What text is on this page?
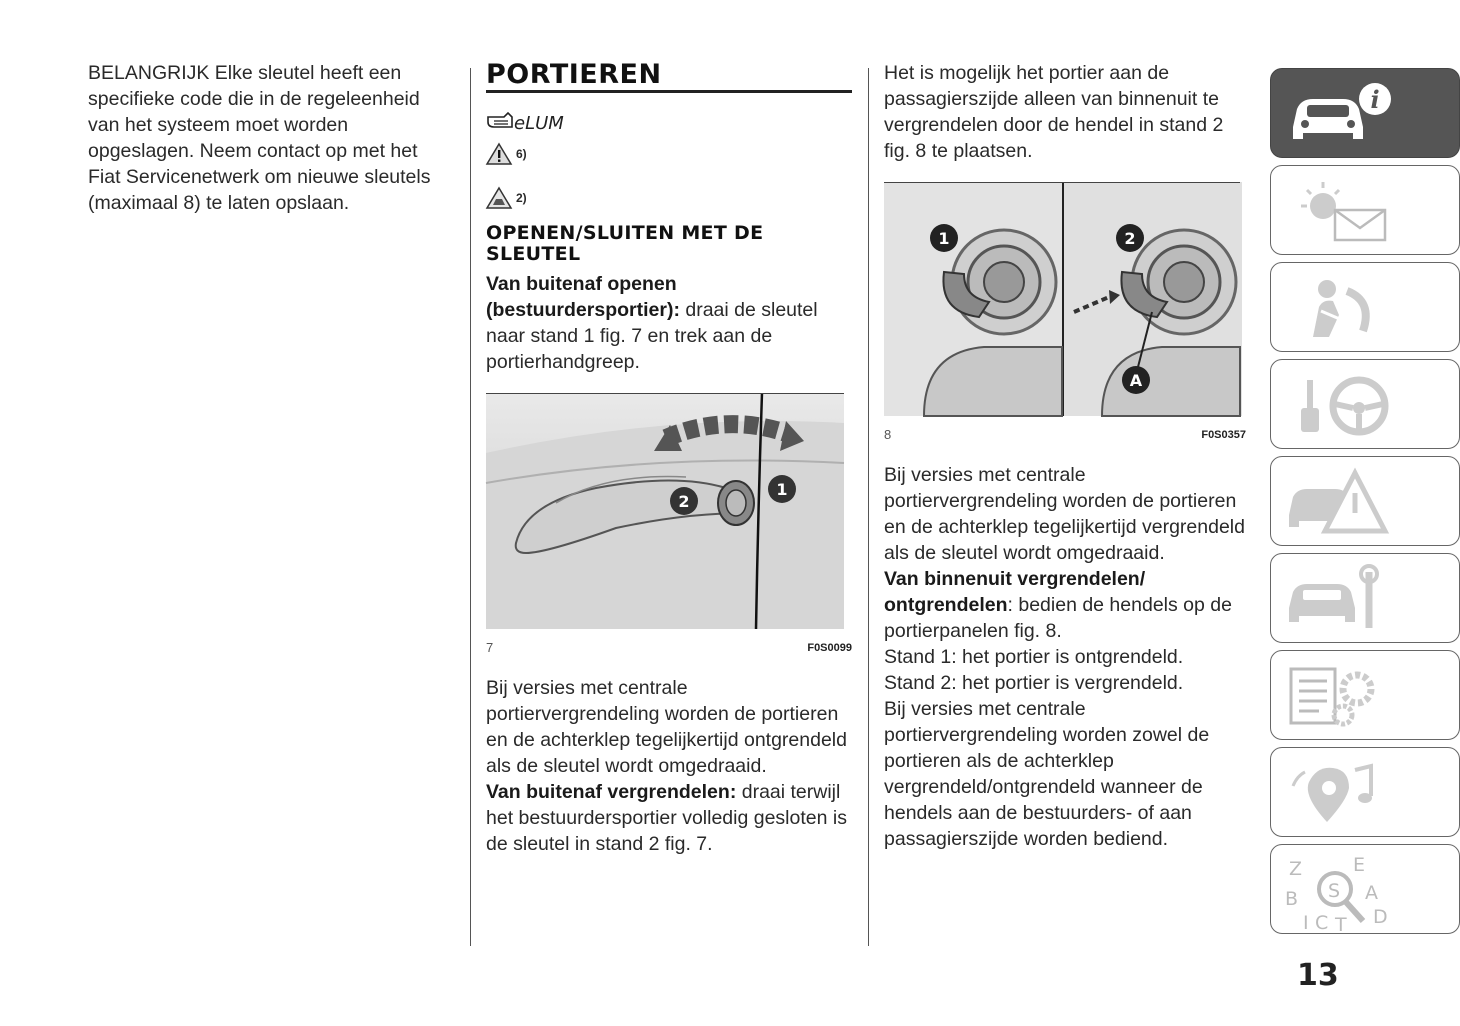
BELANGRIJK Elke sleutel heeft een specifieke code die in de regeleenheid van het systeem moet worden opgeslagen. Neem contact op met het Fiat Servicenetwerk om nieuwe sleutels (maximaal 8) te laten opslaan.

PORTIEREN
eLUM
6)
2)
OPENEN/SLUITEN MET DE SLEUTEL

Van buitenaf openen (bestuurdersportier): draai de sleutel naar stand 1 fig. 7 en trek aan de portierhandgreep.

2
1
7	F0S0099

Bij versies met centrale portiervergrendeling worden de portieren en de achterklep tegelijkertijd ontgrendeld als de sleutel wordt omgedraaid.

Van buitenaf vergrendelen: draai terwijl het bestuurdersportier volledig gesloten is de sleutel in stand 2 fig. 7.

Het is mogelijk het portier aan de passagierszijde alleen van binnenuit te vergrendelen door de hendel in stand 2 fig. 8 te plaatsen.

1	2
A
8	F0S0357

Bij versies met centrale portiervergrendeling worden de portieren en de achterklep tegelijkertijd vergrendeld als de sleutel wordt omgedraaid.

Van binnenuit vergrendelen/ ontgrendelen: bedien de hendels op de portierpanelen fig. 8.

Stand 1: het portier is ontgrendeld.

Stand 2: het portier is vergrendeld.

Bij versies met centrale portiervergrendeling worden zowel de portieren als de achterklep vergrendeld/ontgrendeld wanneer de hendels aan de bestuurders- of aan passagierszijde worden bediend.

i
Z	E
B S A
I C T D
13
